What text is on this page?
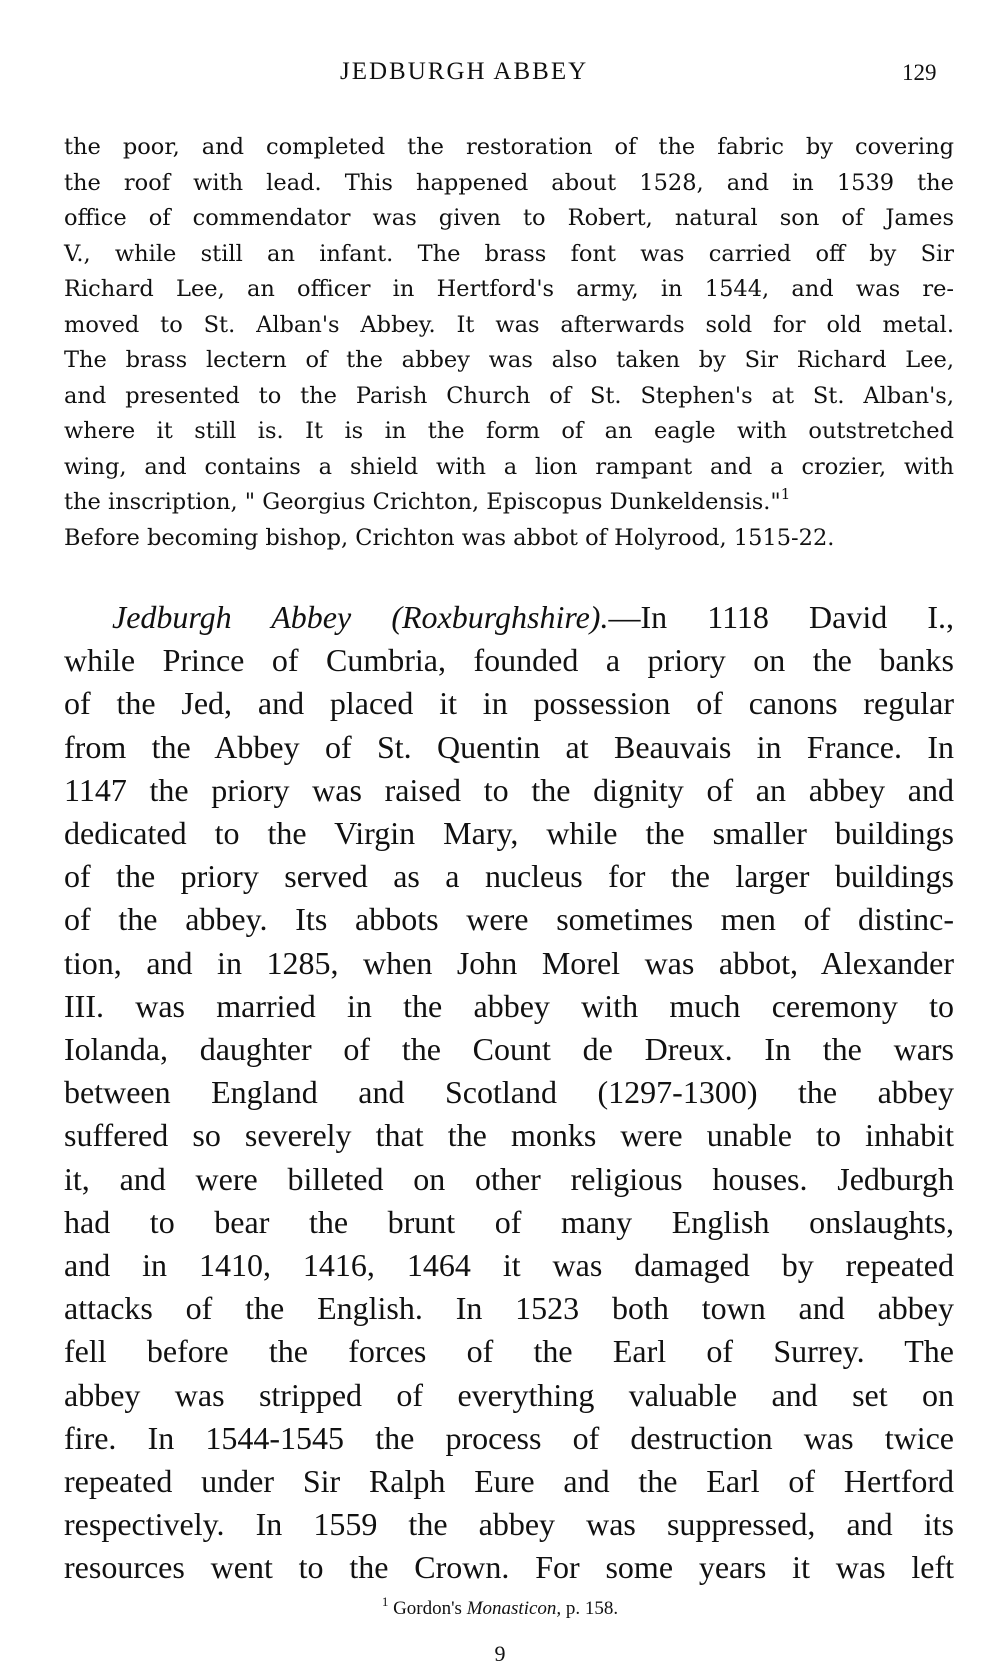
JEDBURGH ABBEY	129
the poor, and completed the restoration of the fabric by covering
the roof with lead. This happened about 1528, and in 1539 the
office of commendator was given to Robert, natural son of James
V., while still an infant. The brass font was carried off by Sir
Richard Lee, an officer in Hertford's army, in 1544, and was re-
moved to St. Alban's Abbey. It was afterwards sold for old metal.
The brass lectern of the abbey was also taken by Sir Richard Lee,
and presented to the Parish Church of St. Stephen's at St. Alban's,
where it still is. It is in the form of an eagle with outstretched
wing, and contains a shield with a lion rampant and a crozier, with
the inscription, " Georgius Crichton, Episcopus Dunkeldensis."$^1$
Before becoming bishop, Crichton was abbot of Holyrood, 1515-22.
Jedburgh Abbey (Roxburghshire).—In 1118 David I.,
while Prince of Cumbria, founded a priory on the banks
of the Jed, and placed it in possession of canons regular
from the Abbey of St. Quentin at Beauvais in France. In
1147 the priory was raised to the dignity of an abbey and
dedicated to the Virgin Mary, while the smaller buildings
of the priory served as a nucleus for the larger buildings
of the abbey. Its abbots were sometimes men of distinc-
tion, and in 1285, when John Morel was abbot, Alexander
III. was married in the abbey with much ceremony to
Iolanda, daughter of the Count de Dreux. In the wars
between England and Scotland (1297-1300) the abbey
suffered so severely that the monks were unable to inhabit
it, and were billeted on other religious houses. Jedburgh
had to bear the brunt of many English onslaughts,
and in 1410, 1416, 1464 it was damaged by repeated
attacks of the English. In 1523 both town and abbey
fell before the forces of the Earl of Surrey. The
abbey was stripped of everything valuable and set on
fire. In 1544-1545 the process of destruction was twice
repeated under Sir Ralph Eure and the Earl of Hertford
respectively. In 1559 the abbey was suppressed, and its
resources went to the Crown. For some years it was left
$^1$ Gordon's Monasticon, p. 158.
9
